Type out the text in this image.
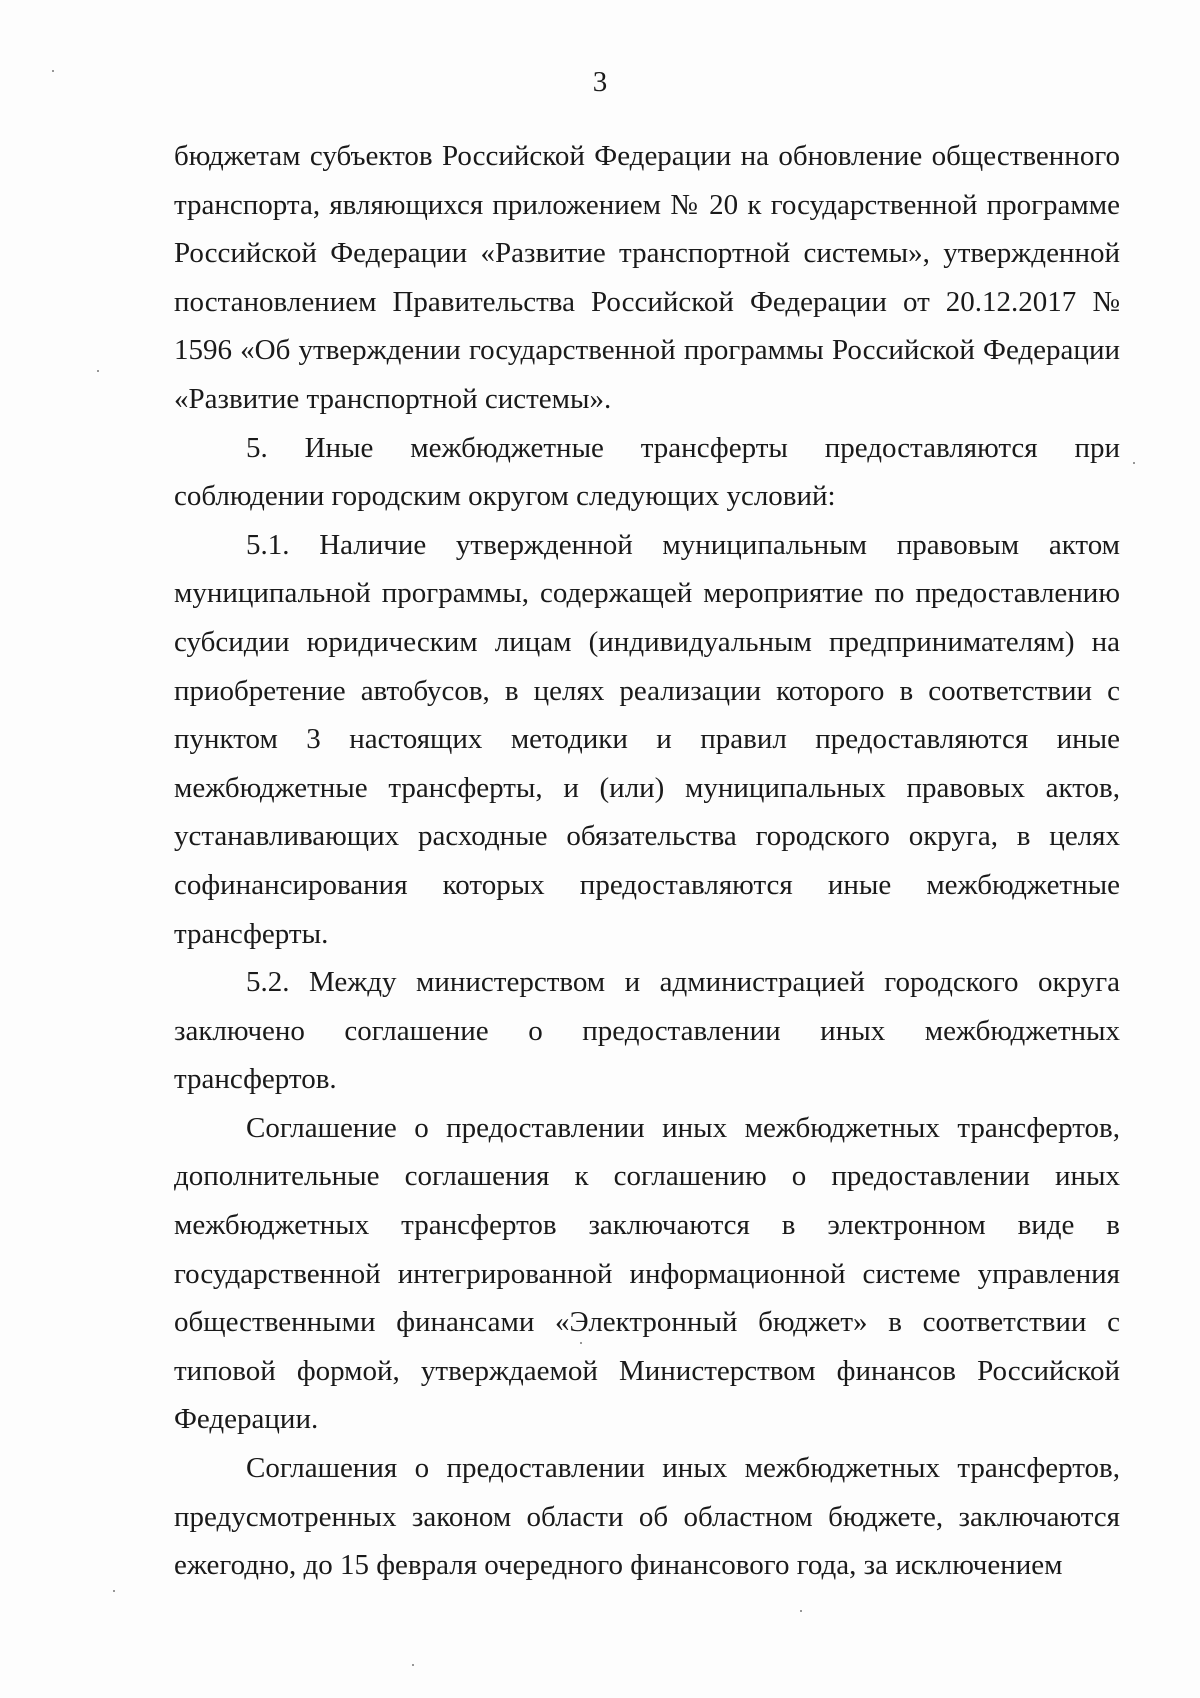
3

бюджетам субъектов Российской Федерации на обновление общественного транспорта, являющихся приложением № 20 к государственной программе Российской Федерации «Развитие транспортной системы», утвержденной постановлением Правительства Российской Федерации от 20.12.2017 № 1596 «Об утверждении государственной программы Российской Федерации «Развитие транспортной системы».

5. Иные межбюджетные трансферты предоставляются при соблюдении городским округом следующих условий:

5.1. Наличие утвержденной муниципальным правовым актом муниципальной программы, содержащей мероприятие по предоставлению субсидии юридическим лицам (индивидуальным предпринимателям) на приобретение автобусов, в целях реализации которого в соответствии с пунктом 3 настоящих методики и правил предоставляются иные межбюджетные трансферты, и (или) муниципальных правовых актов, устанавливающих расходные обязательства городского округа, в целях софинансирования которых предоставляются иные межбюджетные трансферты.

5.2. Между министерством и администрацией городского округа заключено соглашение о предоставлении иных межбюджетных трансфертов.

Соглашение о предоставлении иных межбюджетных трансфертов, дополнительные соглашения к соглашению о предоставлении иных межбюджетных трансфертов заключаются в электронном виде в государственной интегрированной информационной системе управления общественными финансами «Электронный бюджет» в соответствии с типовой формой, утверждаемой Министерством финансов Российской Федерации.

Соглашения о предоставлении иных межбюджетных трансфертов, предусмотренных законом области об областном бюджете, заключаются ежегодно, до 15 февраля очередного финансового года, за исключением
